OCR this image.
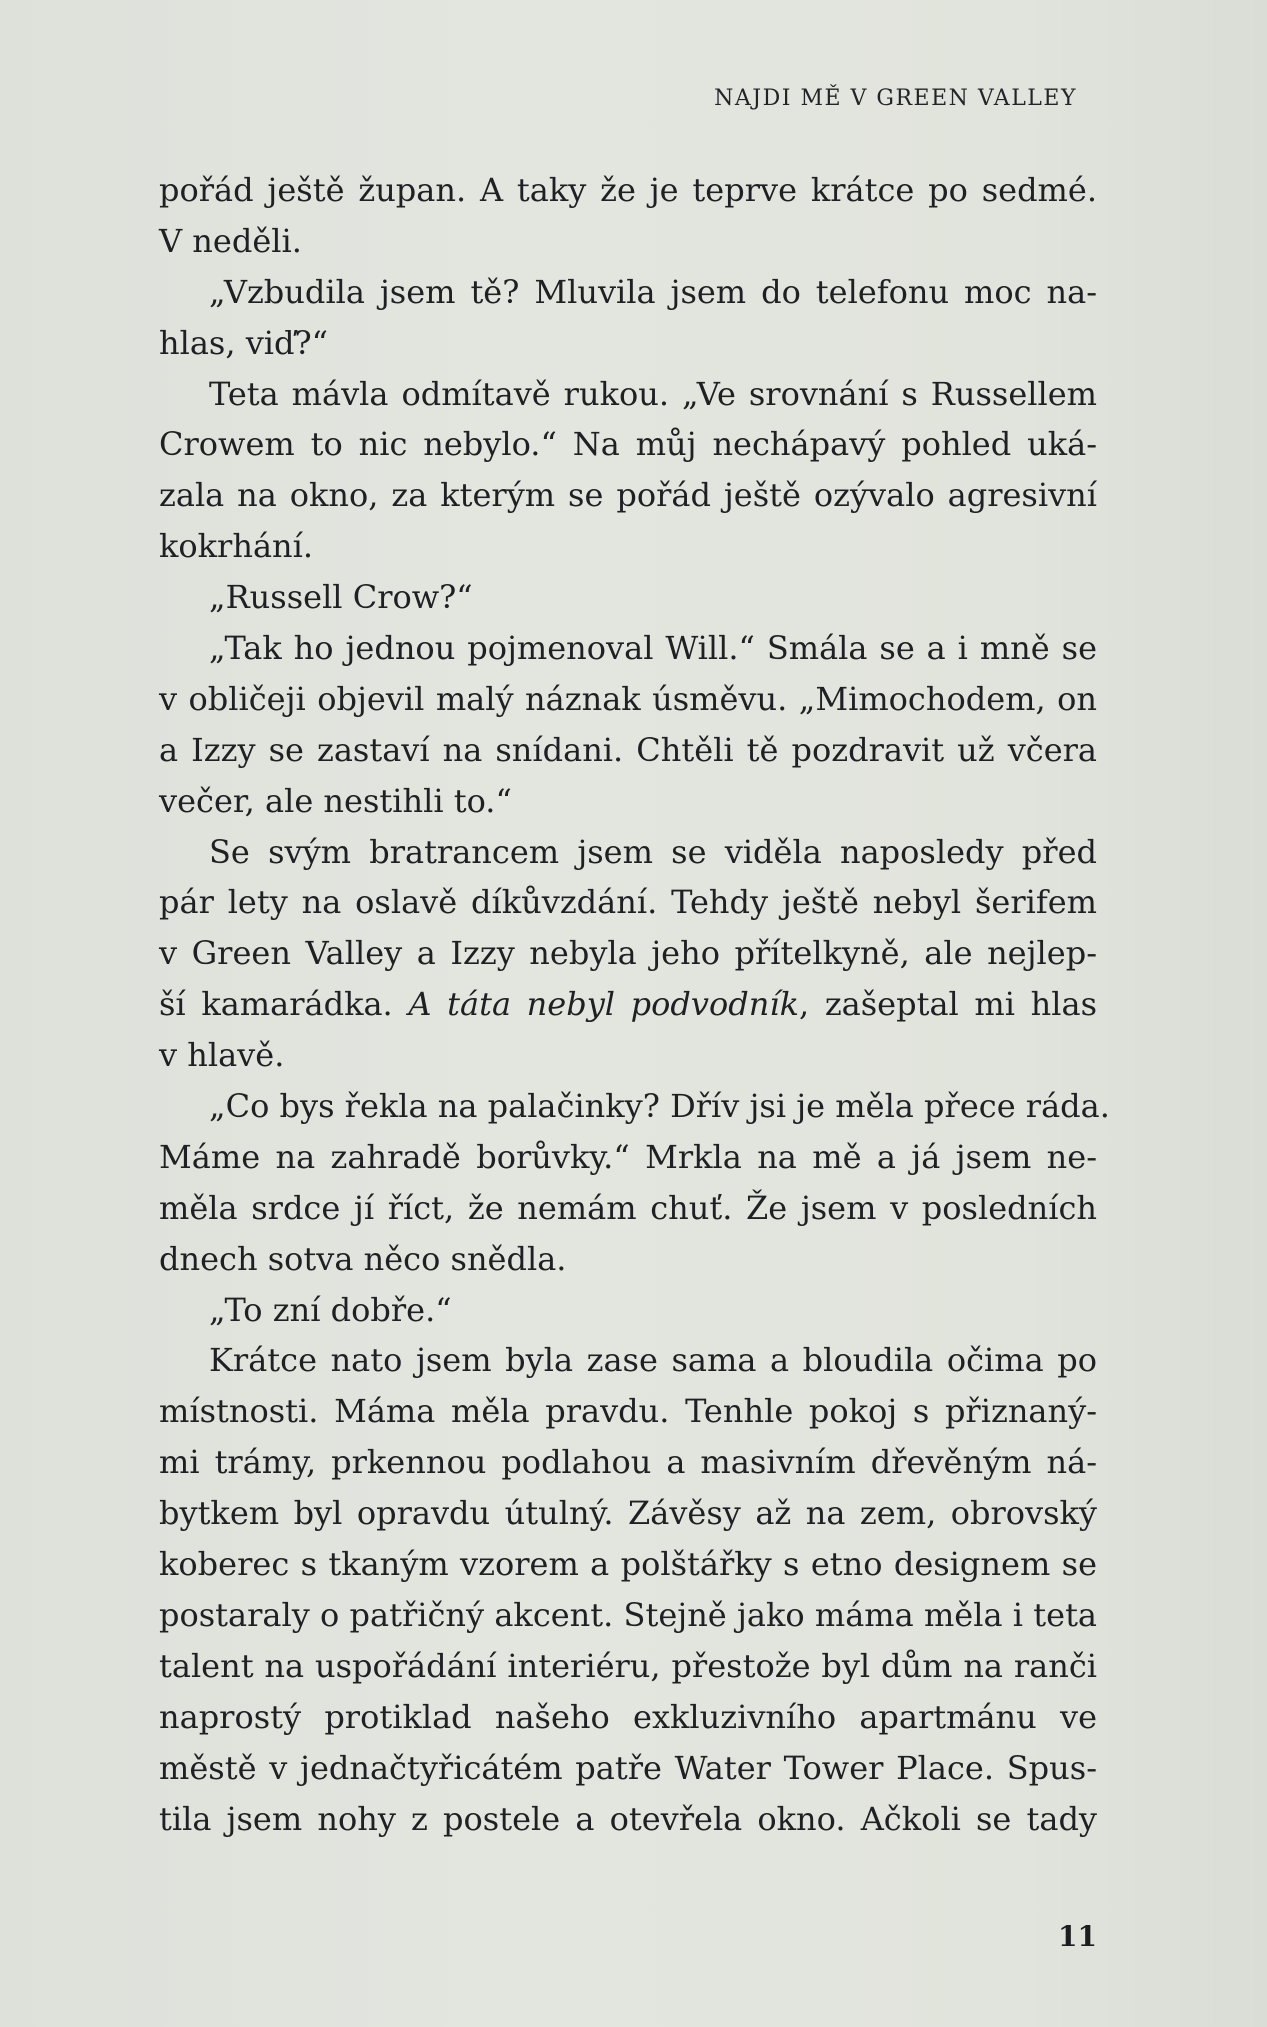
NAJDI MĚ V GREEN VALLEY
pořád ještě župan. A taky že je teprve krátce po sedmé.
V neděli.
„Vzbudila jsem tě? Mluvila jsem do telefonu moc na-
hlas, viď?“
Teta mávla odmítavě rukou. „Ve srovnání s Russellem
Crowem to nic nebylo.“ Na můj nechápavý pohled uká-
zala na okno, za kterým se pořád ještě ozývalo agresivní
kokrhání.
„Russell Crow?“
„Tak ho jednou pojmenoval Will.“ Smála se a i mně se
v obličeji objevil malý náznak úsměvu. „Mimochodem, on
a Izzy se zastaví na snídani. Chtěli tě pozdravit už včera
večer, ale nestihli to.“
Se svým bratrancem jsem se viděla naposledy před
pár lety na oslavě díkůvzdání. Tehdy ještě nebyl šerifem
v Green Valley a Izzy nebyla jeho přítelkyně, ale nejlep-
ší kamarádka. A táta nebyl podvodník, zašeptal mi hlas
v hlavě.
„Co bys řekla na palačinky? Dřív jsi je měla přece ráda.
Máme na zahradě borůvky.“ Mrkla na mě a já jsem ne-
měla srdce jí říct, že nemám chuť. Že jsem v posledních
dnech sotva něco snědla.
„To zní dobře.“
Krátce nato jsem byla zase sama a bloudila očima po
místnosti. Máma měla pravdu. Tenhle pokoj s přiznaný-
mi trámy, prkennou podlahou a masivním dřevěným ná-
bytkem byl opravdu útulný. Závěsy až na zem, obrovský
koberec s tkaným vzorem a polštářky s etno designem se
postaraly o patřičný akcent. Stejně jako máma měla i teta
talent na uspořádání interiéru, přestože byl dům na ranči
naprostý protiklad našeho exkluzivního apartmánu ve
městě v jednačtyřicátém patře Water Tower Place. Spus-
tila jsem nohy z postele a otevřela okno. Ačkoli se tady
11
